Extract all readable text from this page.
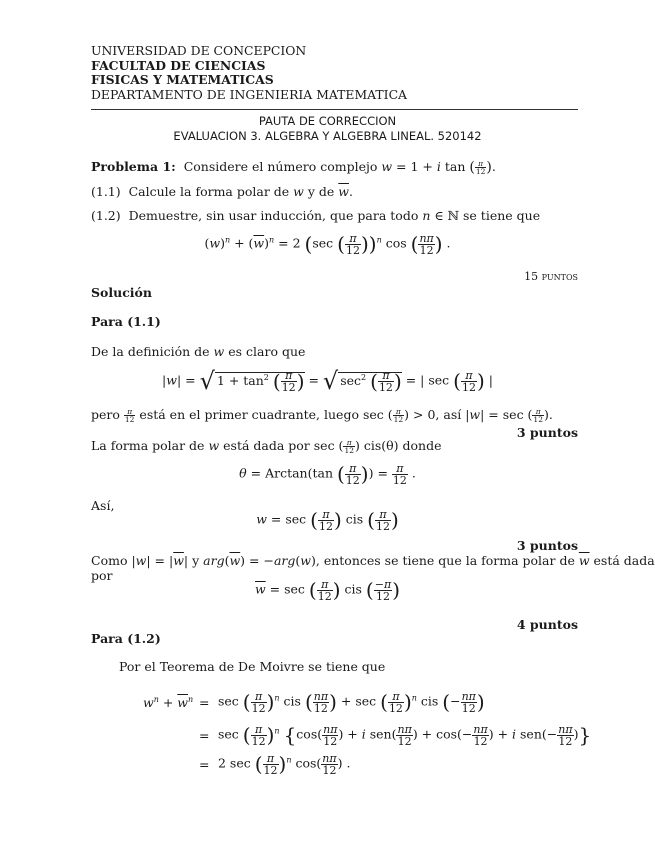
UNIVERSIDAD DE CONCEPCION
FACULTAD DE CIENCIAS
FISICAS Y MATEMATICAS
DEPARTAMENTO DE INGENIERIA MATEMATICA
PAUTA DE CORRECCION
EVALUACION 3. ALGEBRA Y ALGEBRA LINEAL. 520142
Problema 1: Considere el número complejo w = 1 + i tan ( $\frac{\pi}{12}$ ).
(1.1) Calcule la forma polar de w y de $\overline{w}$.
(1.2) Demuestre, sin usar inducción, que para todo n ∈ ℕ se tiene que
$(w)^n + (\overline{w})^n = 2$ (sec ( $\frac{\pi}{12} ))^n$ cos ( $\frac{n\pi}{12}$ ) .
15 puntos
Solución
Para (1.1)
De la definición de w es claro que
|w| = √ $1 + \tan^2$ ( $\frac{\pi}{12}$ ) = √ $\sec^2$ ( $\frac{\pi}{12}$ ) = | sec ( $\frac{\pi}{12}$ ) |
pero $\frac{\pi}{12}$ está en el primer cuadrante, luego sec ( $\frac{\pi}{12}$ ) > 0, así |w| = sec ( $\frac{\pi}{12}$ ).
3 puntos
La forma polar de w está dada por sec ( $\frac{\pi}{12}$ ) cis(θ) donde
θ = Arctan(tan ( $\frac{\pi}{12}$ )) = $\frac{\pi}{12}$ .
Así,
w = sec ( $\frac{\pi}{12}$ ) cis ( $\frac{\pi}{12}$ )
3 puntos
Como $|w| = |\overline{w}|$ y $arg(\overline{w}) = -arg(w)$, entonces se tiene que la forma polar de $\overline{w}$ está dada por
$\overline{w} = \sec$ ( $\frac{\pi}{12}$ ) cis ( $\frac{-\pi}{12}$ )
4 puntos
Para (1.2)
Por el Teorema de De Moivre se tiene que
$w^n + \overline{w}^n = \sec$ ( $\frac{\pi}{12} )^n$ cis ( $\frac{n\pi}{12}$ ) + sec ( $\frac{\pi}{12} )^n$ cis (− $\frac{n\pi}{12}$ )
= sec ( $\frac{\pi}{12} )^n$ {$\cos( \frac{n\pi}{12}$ ) + i $sen( \frac{n\pi}{12}$ ) + $\cos(- \frac{n\pi}{12}$ ) + i $sen(- \frac{n\pi}{12}$ )}
= 2 sec ( $\frac{\pi}{12} )^n$ $\cos( \frac{n\pi}{12}$ ) .
